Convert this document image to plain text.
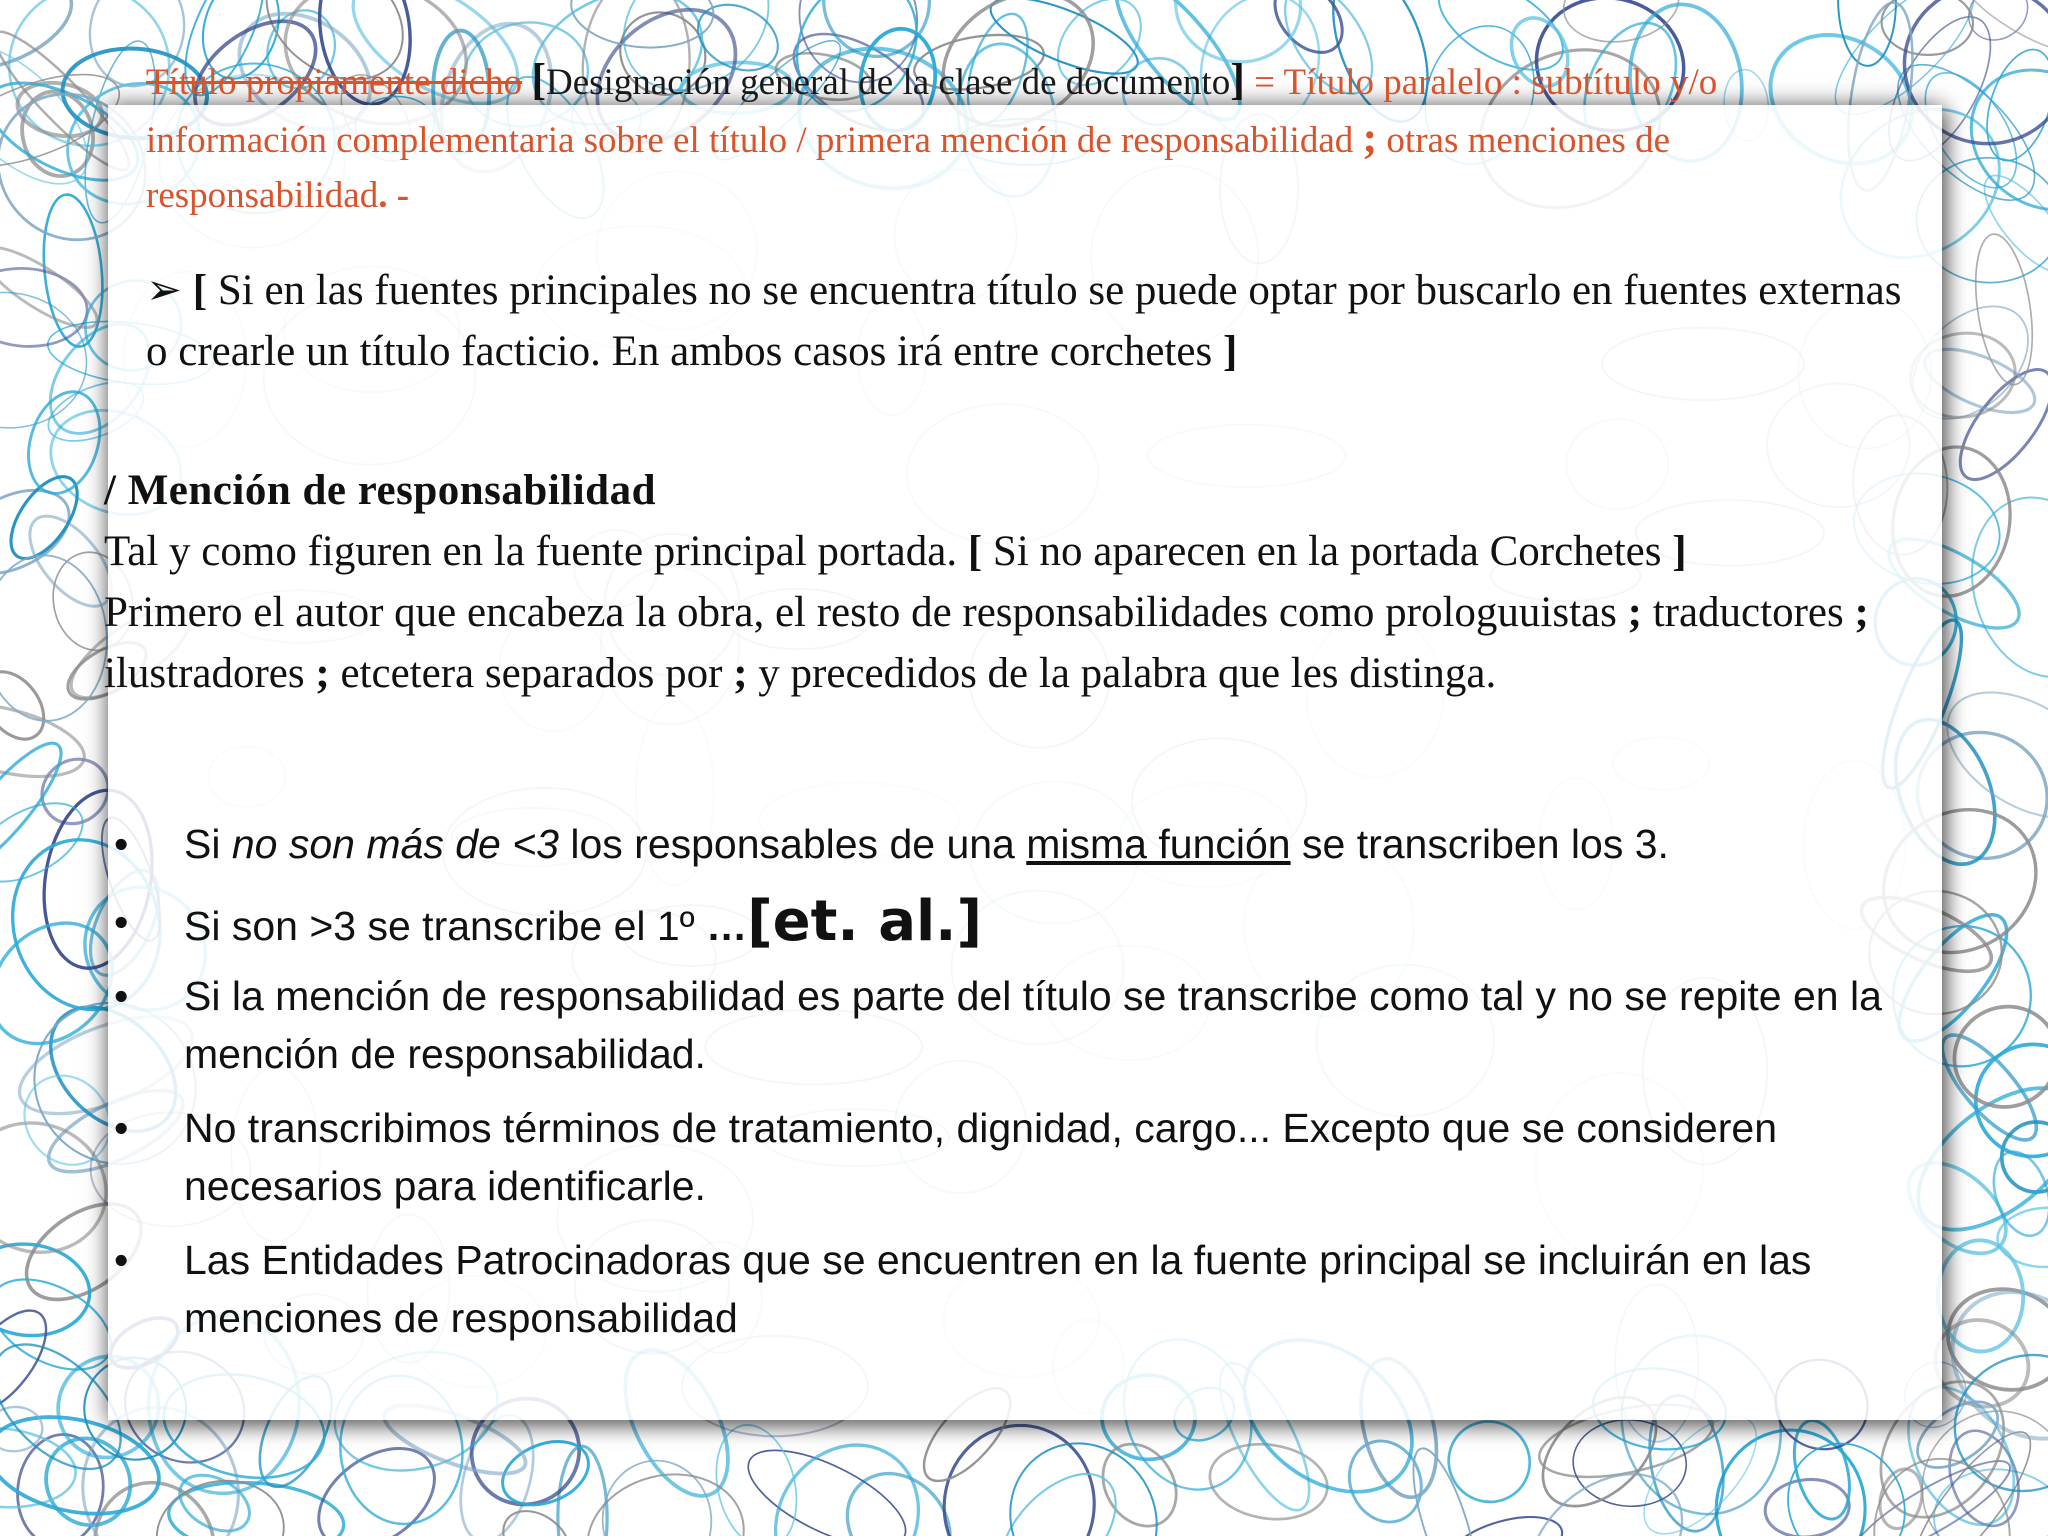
Título propiamente dicho [Designación general de la clase de documento] = Título paralelo : subtítulo y/o información complementaria sobre el título / primera mención de responsabilidad ; otras menciones de responsabilidad. -
➢ [ Si en las fuentes principales no se encuentra título se puede optar por buscarlo en fuentes externas o crearle un título facticio. En ambos casos irá entre corchetes ]
/ Mención de responsabilidad
Tal y como figuren en la fuente principal portada. [ Si no aparecen en la portada Corchetes ]
Primero el autor que encabeza la obra, el resto de responsabilidades como prologuuistas ; traductores ; ilustradores ; etcetera separados por ; y precedidos de la palabra que les distinga.
• Si no son más de <3 los responsables de una misma función se transcriben los 3.
• Si son >3 se transcribe el 1º …[et. al.]
• Si la mención de responsabilidad es parte del título se transcribe como tal y no se repite en la mención de responsabilidad.
• No transcribimos términos de tratamiento, dignidad, cargo... Excepto que se consideren necesarios para identificarle.
• Las Entidades Patrocinadoras que se encuentren en la fuente principal se incluirán en las menciones de responsabilidad
